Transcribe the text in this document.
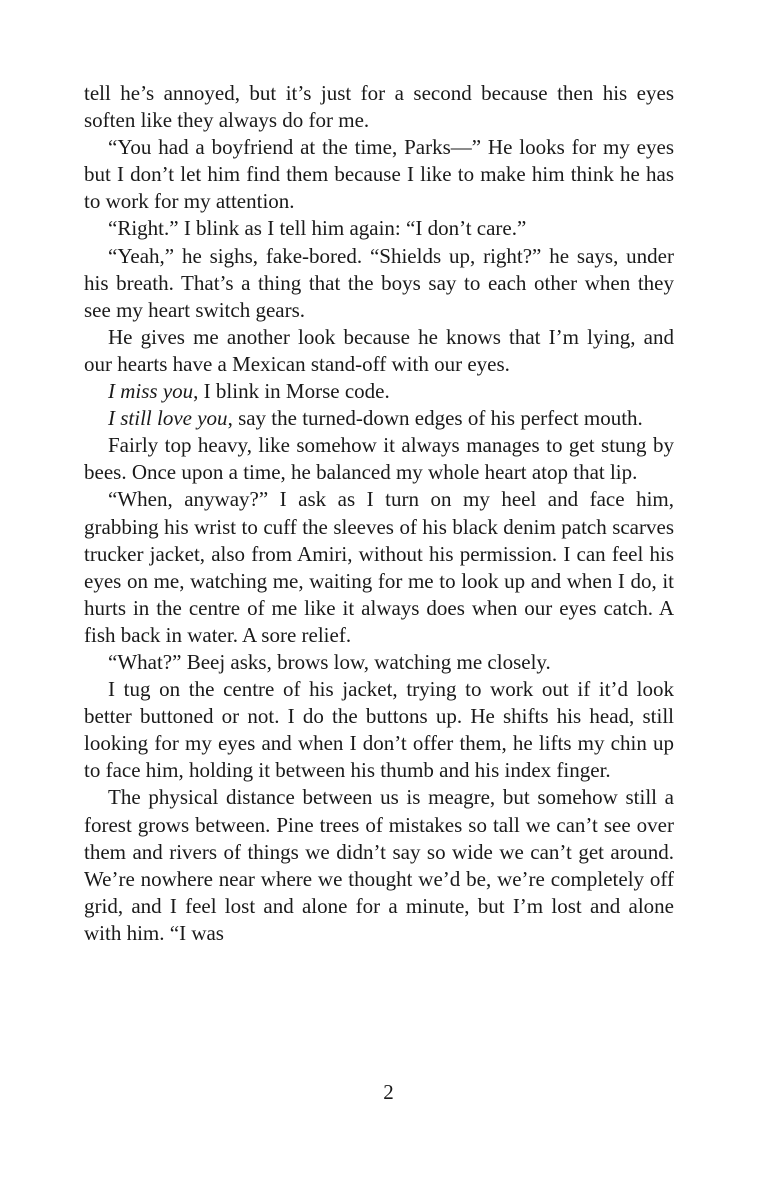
tell he’s annoyed, but it’s just for a second because then his eyes soften like they always do for me.

“You had a boyfriend at the time, Parks—” He looks for my eyes but I don’t let him find them because I like to make him think he has to work for my attention.

“Right.” I blink as I tell him again: “I don’t care.”

“Yeah,” he sighs, fake-bored. “Shields up, right?” he says, under his breath. That’s a thing that the boys say to each other when they see my heart switch gears.

He gives me another look because he knows that I’m lying, and our hearts have a Mexican stand-off with our eyes.

I miss you, I blink in Morse code.

I still love you, say the turned-down edges of his perfect mouth.

Fairly top heavy, like somehow it always manages to get stung by bees. Once upon a time, he balanced my whole heart atop that lip.

“When, anyway?” I ask as I turn on my heel and face him, grabbing his wrist to cuff the sleeves of his black denim patch scarves trucker jacket, also from Amiri, without his permission. I can feel his eyes on me, watching me, waiting for me to look up and when I do, it hurts in the centre of me like it always does when our eyes catch. A fish back in water. A sore relief.

“What?” Beej asks, brows low, watching me closely.

I tug on the centre of his jacket, trying to work out if it’d look better buttoned or not. I do the buttons up. He shifts his head, still looking for my eyes and when I don’t offer them, he lifts my chin up to face him, holding it between his thumb and his index finger.

The physical distance between us is meagre, but somehow still a forest grows between. Pine trees of mistakes so tall we can’t see over them and rivers of things we didn’t say so wide we can’t get around. We’re nowhere near where we thought we’d be, we’re completely off grid, and I feel lost and alone for a minute, but I’m lost and alone with him. “I was

2
